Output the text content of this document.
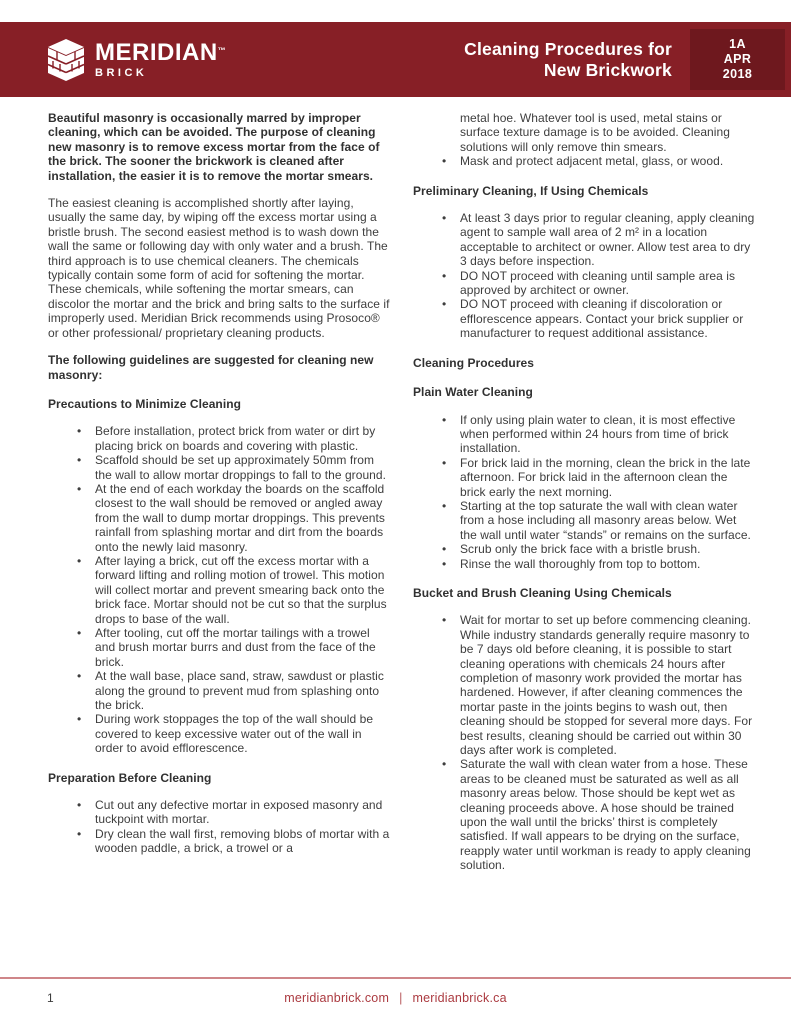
MERIDIAN™
BRICK
Cleaning Procedures for
New Brickwork
1A
APR
2018

Beautiful masonry is occasionally marred by improper cleaning, which can be avoided. The purpose of cleaning new masonry is to remove excess mortar from the face of the brick. The sooner the brickwork is cleaned after installation, the easier it is to remove the mortar smears.

The easiest cleaning is accomplished shortly after laying, usually the same day, by wiping off the excess mortar using a bristle brush. The second easiest method is to wash down the wall the same or following day with only water and a brush. The third approach is to use chemical cleaners. The chemicals typically contain some form of acid for softening the mortar. These chemicals, while softening the mortar smears, can discolor the mortar and the brick and bring salts to the surface if improperly used. Meridian Brick recommends using Prosoco® or other professional/ proprietary cleaning products.

The following guidelines are suggested for cleaning new masonry:

Precautions to Minimize Cleaning
• Before installation, protect brick from water or dirt by placing brick on boards and covering with plastic.
• Scaffold should be set up approximately 50mm from the wall to allow mortar droppings to fall to the ground.
• At the end of each workday the boards on the scaffold closest to the wall should be removed or angled away from the wall to dump mortar droppings. This prevents rainfall from splashing mortar and dirt from the boards onto the newly laid masonry.
• After laying a brick, cut off the excess mortar with a forward lifting and rolling motion of trowel. This motion will collect mortar and prevent smearing back onto the brick face. Mortar should not be cut so that the surplus drops to base of the wall.
• After tooling, cut off the mortar tailings with a trowel and brush mortar burrs and dust from the face of the brick.
• At the wall base, place sand, straw, sawdust or plastic along the ground to prevent mud from splashing onto the brick.
• During work stoppages the top of the wall should be covered to keep excessive water out of the wall in order to avoid efflorescence.
Preparation Before Cleaning
• Cut out any defective mortar in exposed masonry and tuckpoint with mortar.
• Dry clean the wall first, removing blobs of mortar with a wooden paddle, a brick, a trowel or a

metal hoe. Whatever tool is used, metal stains or surface texture damage is to be avoided. Cleaning solutions will only remove thin smears.

• Mask and protect adjacent metal, glass, or wood.
Preliminary Cleaning, If Using Chemicals
• At least 3 days prior to regular cleaning, apply cleaning agent to sample wall area of 2 m² in a location acceptable to architect or owner. Allow test area to dry 3 days before inspection.
• DO NOT proceed with cleaning until sample area is approved by architect or owner.
• DO NOT proceed with cleaning if discoloration or efflorescence appears. Contact your brick supplier or manufacturer to request additional assistance.
Cleaning Procedures
Plain Water Cleaning
• If only using plain water to clean, it is most effective when performed within 24 hours from time of brick installation.
• For brick laid in the morning, clean the brick in the late afternoon. For brick laid in the afternoon clean the brick early the next morning.
• Starting at the top saturate the wall with clean water from a hose including all masonry areas below. Wet the wall until water “stands” or remains on the surface.
• Scrub only the brick face with a bristle brush.
• Rinse the wall thoroughly from top to bottom.
Bucket and Brush Cleaning Using Chemicals
• Wait for mortar to set up before commencing cleaning. While industry standards generally require masonry to be 7 days old before cleaning, it is possible to start cleaning operations with chemicals 24 hours after completion of masonry work provided the mortar has hardened. However, if after cleaning commences the mortar paste in the joints begins to wash out, then cleaning should be stopped for several more days. For best results, cleaning should be carried out within 30 days after work is completed.
• Saturate the wall with clean water from a hose. These areas to be cleaned must be saturated as well as all masonry areas below. Those should be kept wet as cleaning proceeds above. A hose should be trained upon the wall until the bricks’ thirst is completely satisfied. If wall appears to be drying on the surface, reapply water until workman is ready to apply cleaning solution.
1	meridianbrick.com | meridianbrick.ca
